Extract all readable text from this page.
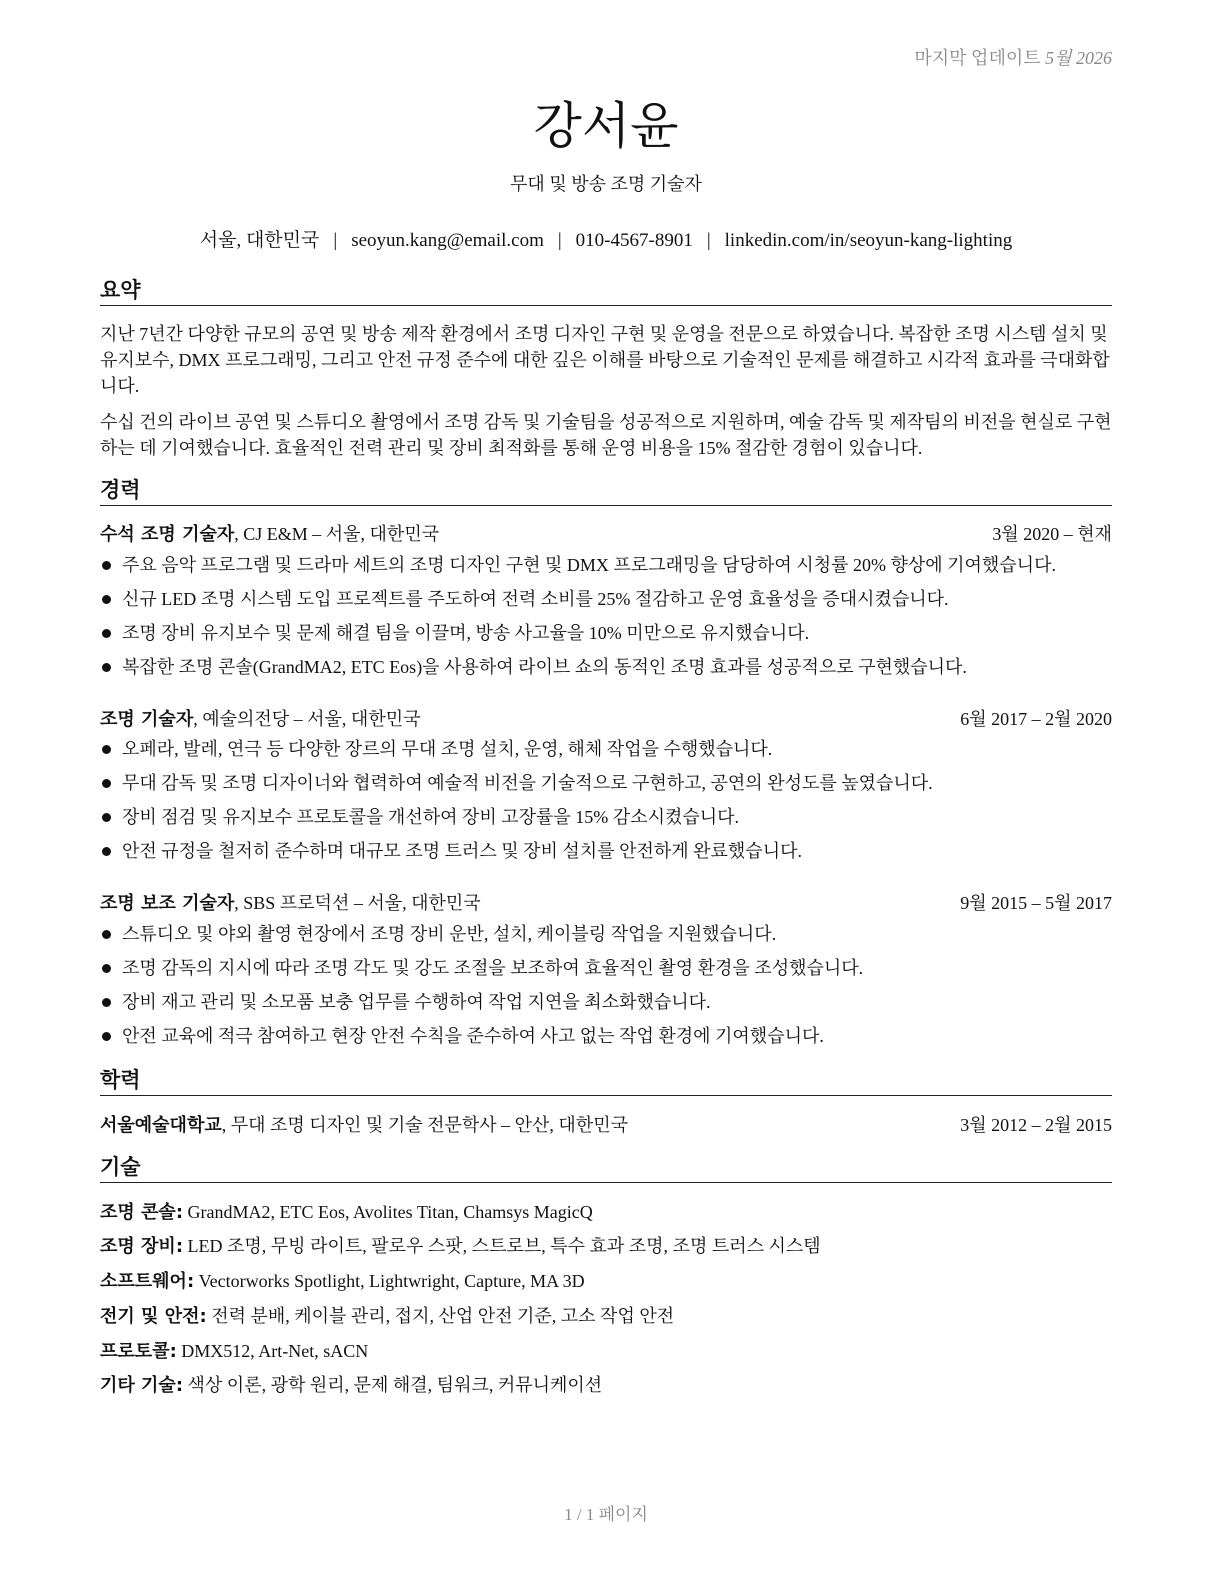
마지막 업데이트 5월 2026
강서윤
무대 및 방송 조명 기술자
서울, 대한민국 | seoyun.kang@email.com | 010-4567-8901 | linkedin.com/in/seoyun-kang-lighting
요약

지난 7년간 다양한 규모의 공연 및 방송 제작 환경에서 조명 디자인 구현 및 운영을 전문으로 하였습니다. 복잡한 조명 시스템 설치 및 유지보수, DMX 프로그래밍, 그리고 안전 규정 준수에 대한 깊은 이해를 바탕으로 기술적인 문제를 해결하고 시각적 효과를 극대화합니다.

수십 건의 라이브 공연 및 스튜디오 촬영에서 조명 감독 및 기술팀을 성공적으로 지원하며, 예술 감독 및 제작팀의 비전을 현실로 구현하는 데 기여했습니다. 효율적인 전력 관리 및 장비 최적화를 통해 운영 비용을 15% 절감한 경험이 있습니다.

경력
수석 조명 기술자, CJ E&M – 서울, 대한민국	3월 2020 – 현재
주요 음악 프로그램 및 드라마 세트의 조명 디자인 구현 및 DMX 프로그래밍을 담당하여 시청률 20% 향상에 기여했습니다.
신규 LED 조명 시스템 도입 프로젝트를 주도하여 전력 소비를 25% 절감하고 운영 효율성을 증대시켰습니다.
조명 장비 유지보수 및 문제 해결 팀을 이끌며, 방송 사고율을 10% 미만으로 유지했습니다.
복잡한 조명 콘솔(GrandMA2, ETC Eos)을 사용하여 라이브 쇼의 동적인 조명 효과를 성공적으로 구현했습니다.
조명 기술자, 예술의전당 – 서울, 대한민국	6월 2017 – 2월 2020
오페라, 발레, 연극 등 다양한 장르의 무대 조명 설치, 운영, 해체 작업을 수행했습니다.
무대 감독 및 조명 디자이너와 협력하여 예술적 비전을 기술적으로 구현하고, 공연의 완성도를 높였습니다.
장비 점검 및 유지보수 프로토콜을 개선하여 장비 고장률을 15% 감소시켰습니다.
안전 규정을 철저히 준수하며 대규모 조명 트러스 및 장비 설치를 안전하게 완료했습니다.
조명 보조 기술자, SBS 프로덕션 – 서울, 대한민국	9월 2015 – 5월 2017
스튜디오 및 야외 촬영 현장에서 조명 장비 운반, 설치, 케이블링 작업을 지원했습니다.
조명 감독의 지시에 따라 조명 각도 및 강도 조절을 보조하여 효율적인 촬영 환경을 조성했습니다.
장비 재고 관리 및 소모품 보충 업무를 수행하여 작업 지연을 최소화했습니다.
안전 교육에 적극 참여하고 현장 안전 수칙을 준수하여 사고 없는 작업 환경에 기여했습니다.
학력
서울예술대학교, 무대 조명 디자인 및 기술 전문학사 – 안산, 대한민국	3월 2012 – 2월 2015
기술
조명 콘솔: GrandMA2, ETC Eos, Avolites Titan, Chamsys MagicQ
조명 장비: LED 조명, 무빙 라이트, 팔로우 스팟, 스트로브, 특수 효과 조명, 조명 트러스 시스템
소프트웨어: Vectorworks Spotlight, Lightwright, Capture, MA 3D
전기 및 안전: 전력 분배, 케이블 관리, 접지, 산업 안전 기준, 고소 작업 안전
프로토콜: DMX512, Art-Net, sACN
기타 기술: 색상 이론, 광학 원리, 문제 해결, 팀워크, 커뮤니케이션
1 / 1 페이지
